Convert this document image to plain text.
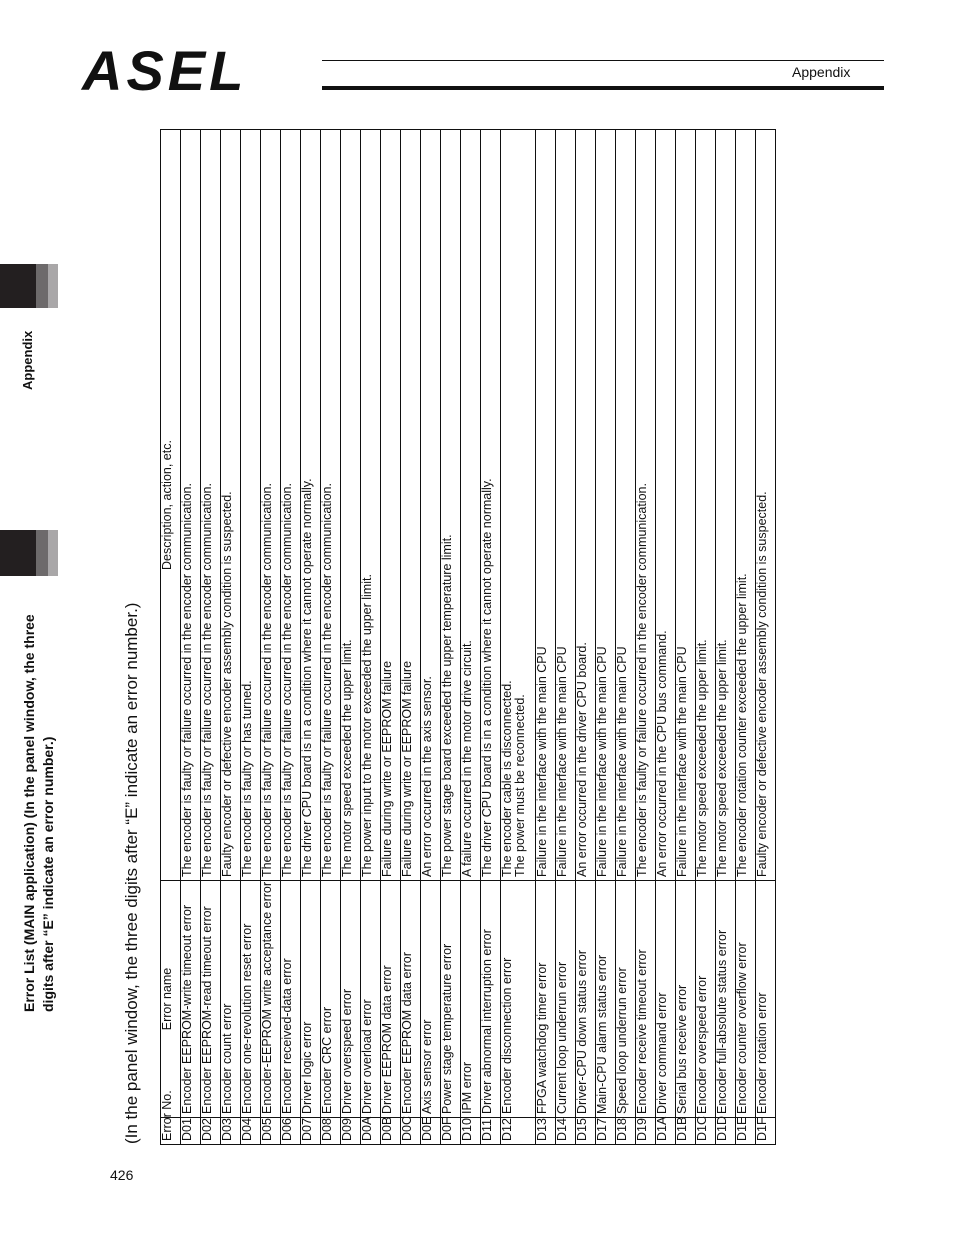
ASEL	Appendix
Appendix
Error List (MAIN application) (In the panel window, the three digits after “E” indicate an error number.)	(In the panel window, the three digits after “E” indicate an error number.)
426
Error No.	Error name	Description, action, etc.

D01	Encoder EEPROM-write timeout error	The encoder is faulty or failure occurred in the encoder communication.

D02	Encoder EEPROM-read timeout error	The encoder is faulty or failure occurred in the encoder communication.

D03	Encoder count error	Faulty encoder or defective encoder assembly condition is suspected.

D04	Encoder one-revolution reset error	The encoder is faulty or has turned.

D05	Encoder-EEPROM write acceptance error	The encoder is faulty or failure occurred in the encoder communication.

D06	Encoder received-data error	The encoder is faulty or failure occurred in the encoder communication.

D07	Driver logic error	The driver CPU board is in a condition where it cannot operate normally.

D08	Encoder CRC error	The encoder is faulty or failure occurred in the encoder communication.

D09	Driver overspeed error	The motor speed exceeded the upper limit.

D0A	Driver overload error	The power input to the motor exceeded the upper limit.

D0B	Driver EEPROM data error	Failure during write or EEPROM failure

D0C	Encoder EEPROM data error	Failure during write or EEPROM failure

D0E	Axis sensor error	An error occurred in the axis sensor.

D0F	Power stage temperature error	The power stage board exceeded the upper temperature limit.

D10	IPM error	A failure occurred in the motor drive circuit.

D11	Driver abnormal interruption error	The driver CPU board is in a condition where it cannot operate normally.

D12	Encoder disconnection error	The encoder cable is disconnected. The power must be reconnected.

D13	FPGA watchdog timer error	Failure in the interface with the main CPU

D14	Current loop underrun error	Failure in the interface with the main CPU

D15	Driver-CPU down status error	An error occurred in the driver CPU board.

D17	Main-CPU alarm status error	Failure in the interface with the main CPU

D18	Speed loop underrun error	Failure in the interface with the main CPU

D19	Encoder receive timeout error	The encoder is faulty or failure occurred in the encoder communication.

D1A	Driver command error	An error occurred in the CPU bus command.

D1B	Serial bus receive error	Failure in the interface with the main CPU

D1C	Encoder overspeed error	The motor speed exceeded the upper limit.

D1D	Encoder full-absolute status error	The motor speed exceeded the upper limit.

D1E	Encoder counter overflow error	The encoder rotation counter exceeded the upper limit.

D1F	Encoder rotation error	Faulty encoder or defective encoder assembly condition is suspected.
